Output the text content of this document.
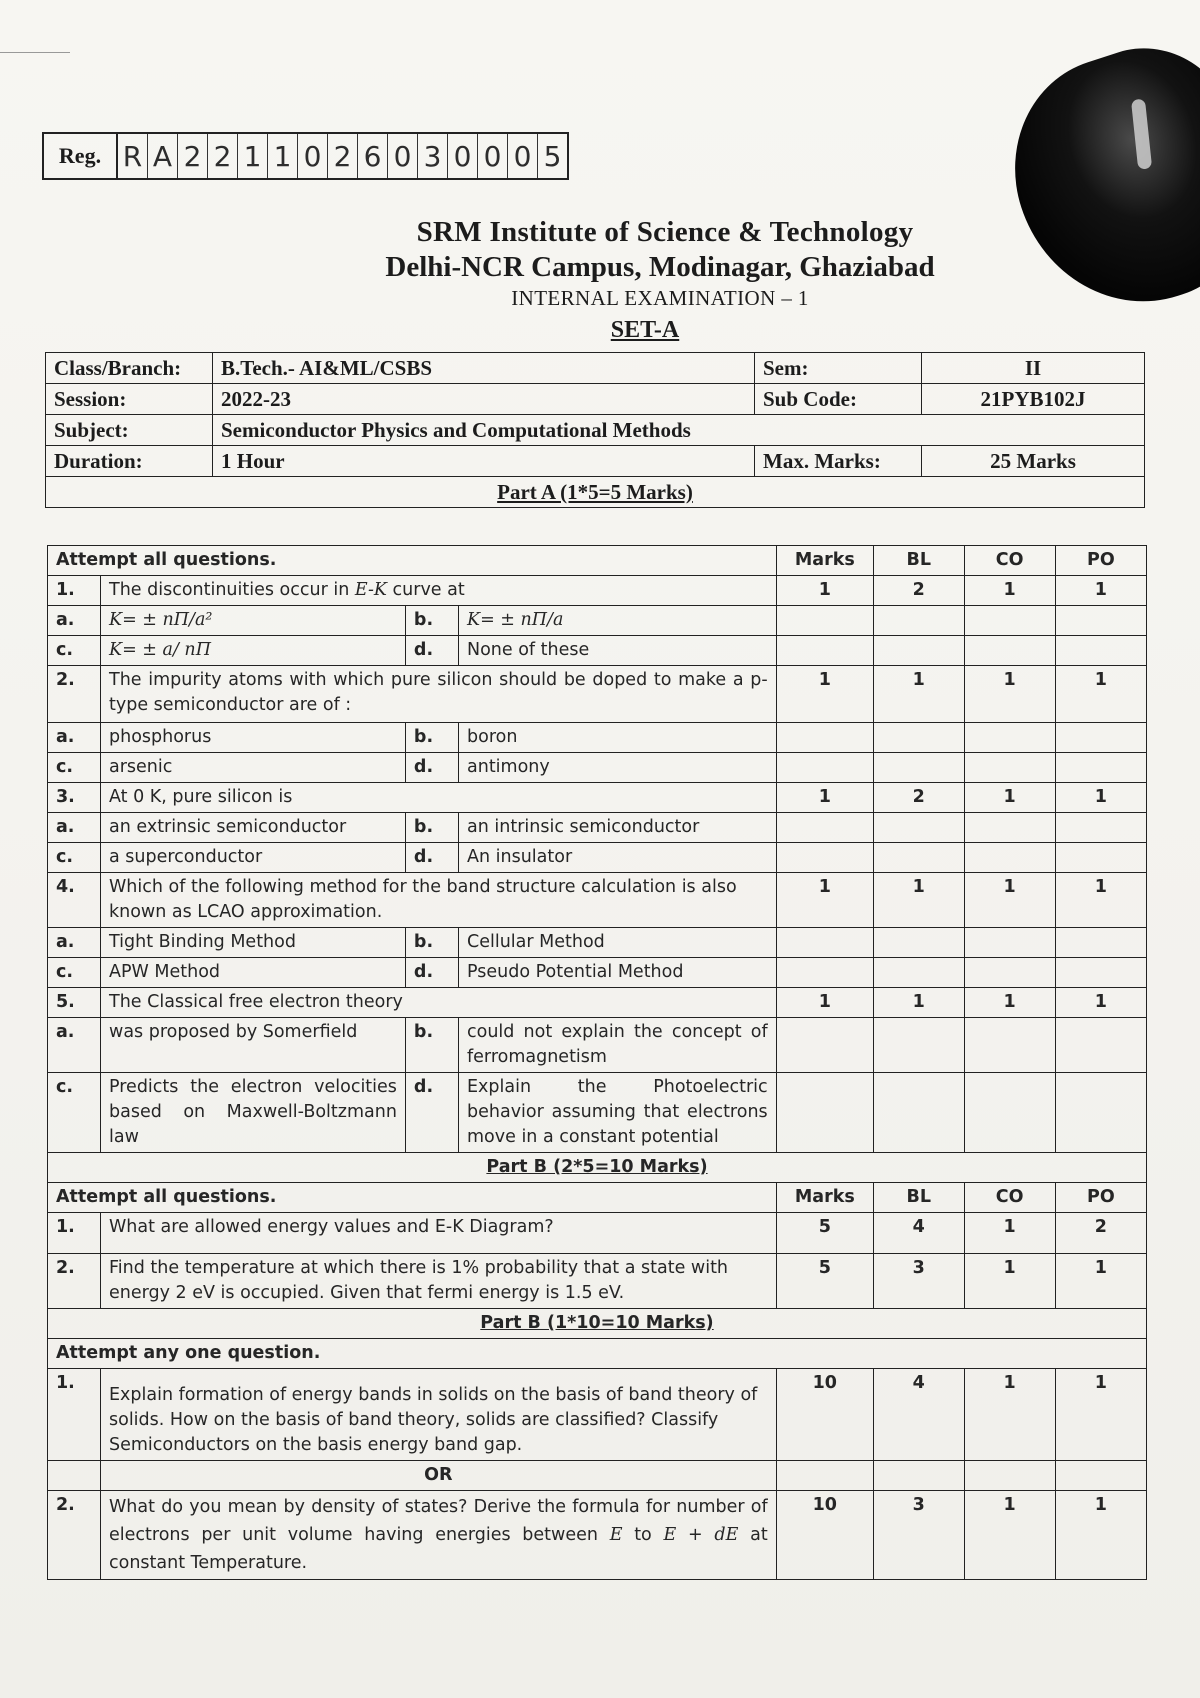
Reg. R A 2 2 1 1 0 2 6 0 3 0 0 0 5
SRM Institute of Science & Technology
Delhi-NCR Campus, Modinagar, Ghaziabad
INTERNAL EXAMINATION – 1
SET-A
Class/Branch:	B.Tech.- AI&ML/CSBS	Sem:	II
Session:	2022-23	Sub Code:	21PYB102J
Subject:	Semiconductor Physics and Computational Methods		
Duration:	1 Hour	Max. Marks:	25 Marks
Part A (1*5=5 Marks)			
Attempt all questions.				Marks	BL	CO	PO
1.	The discontinuities occur in E-K curve at			1	2	1	1
a.	K= ± nΠ/a²	b.	K= ± nΠ/a				
c.	K= ± a/ nΠ	d.	None of these				
2.	The impurity atoms with which pure silicon should be doped to make a p-type semiconductor are of :			1	1	1	1
a.	phosphorus	b.	boron				
c.	arsenic	d.	antimony				
3.	At 0 K, pure silicon is			1	2	1	1
a.	an extrinsic semiconductor	b.	an intrinsic semiconductor				
c.	a superconductor	d.	An insulator				
4.	Which of the following method for the band structure calculation is also known as LCAO approximation.			1	1	1	1
a.	Tight Binding Method	b.	Cellular Method				
c.	APW Method	d.	Pseudo Potential Method				
5.	The Classical free electron theory			1	1	1	1
a.	was proposed by Somerfield	b.	could not explain the concept of ferromagnetism				
c.	Predicts the electron velocities based on Maxwell-Boltzmann law	d.	Explain the Photoelectric behavior assuming that electrons move in a constant potential				
Part B (2*5=10 Marks)							
Attempt all questions.				Marks	BL	CO	PO
1.	What are allowed energy values and E-K Diagram?			5	4	1	2
2.	Find the temperature at which there is 1% probability that a state with energy 2 eV is occupied. Given that fermi energy is 1.5 eV.			5	3	1	1
Part B (1*10=10 Marks)							
Attempt any one question.							
1.	Explain formation of energy bands in solids on the basis of band theory of solids. How on the basis of band theory, solids are classified? Classify Semiconductors on the basis energy band gap.			10	4	1	1
	OR						
2.	What do you mean by density of states? Derive the formula for number of electrons per unit volume having energies between E to E + dE at constant Temperature.			10	3	1	1
